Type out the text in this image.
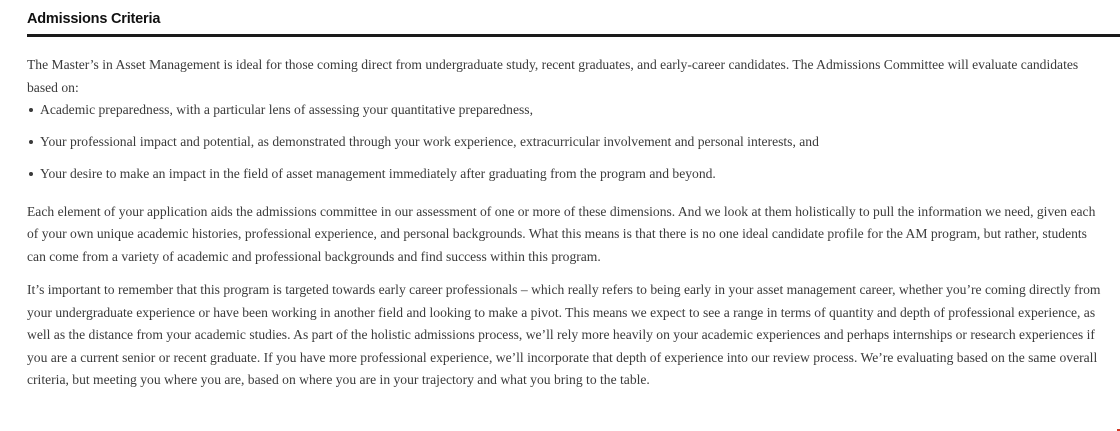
Admissions Criteria

The Master’s in Asset Management is ideal for those coming direct from undergraduate study, recent graduates, and early-career candidates. The Admissions Committee will evaluate candidates based on:

Academic preparedness, with a particular lens of assessing your quantitative preparedness,
Your professional impact and potential, as demonstrated through your work experience, extracurricular involvement and personal interests, and
Your desire to make an impact in the field of asset management immediately after graduating from the program and beyond.

Each element of your application aids the admissions committee in our assessment of one or more of these dimensions. And we look at them holistically to pull the information we need, given each of your own unique academic histories, professional experience, and personal backgrounds. What this means is that there is no one ideal candidate profile for the AM program, but rather, students can come from a variety of academic and professional backgrounds and find success within this program.

It’s important to remember that this program is targeted towards early career professionals – which really refers to being early in your asset management career, whether you’re coming directly from your undergraduate experience or have been working in another field and looking to make a pivot. This means we expect to see a range in terms of quantity and depth of professional experience, as well as the distance from your academic studies. As part of the holistic admissions process, we’ll rely more heavily on your academic experiences and perhaps internships or research experiences if you are a current senior or recent graduate. If you have more professional experience, we’ll incorporate that depth of experience into our review process. We’re evaluating based on the same overall criteria, but meeting you where you are, based on where you are in your trajectory and what you bring to the table.
